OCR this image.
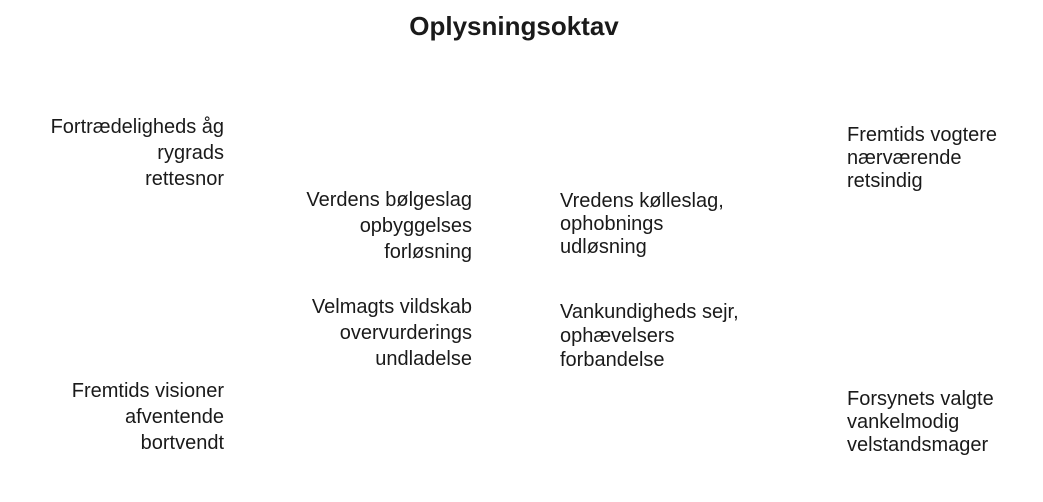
Oplysningsoktav
Fortrædeligheds åg
rygrads
rettesnor
Fremtids visioner
afventende
bortvendt
Verdens bølgeslag
opbyggelses
forløsning
Velmagts vildskab
overvurderings
undladelse
Vredens kølleslag,
ophobnings
udløsning
Vankundigheds sejr,
ophævelsers
forbandelse
Fremtids vogtere
nærværende
retsindig
Forsynets valgte
vankelmodig
velstandsmager
